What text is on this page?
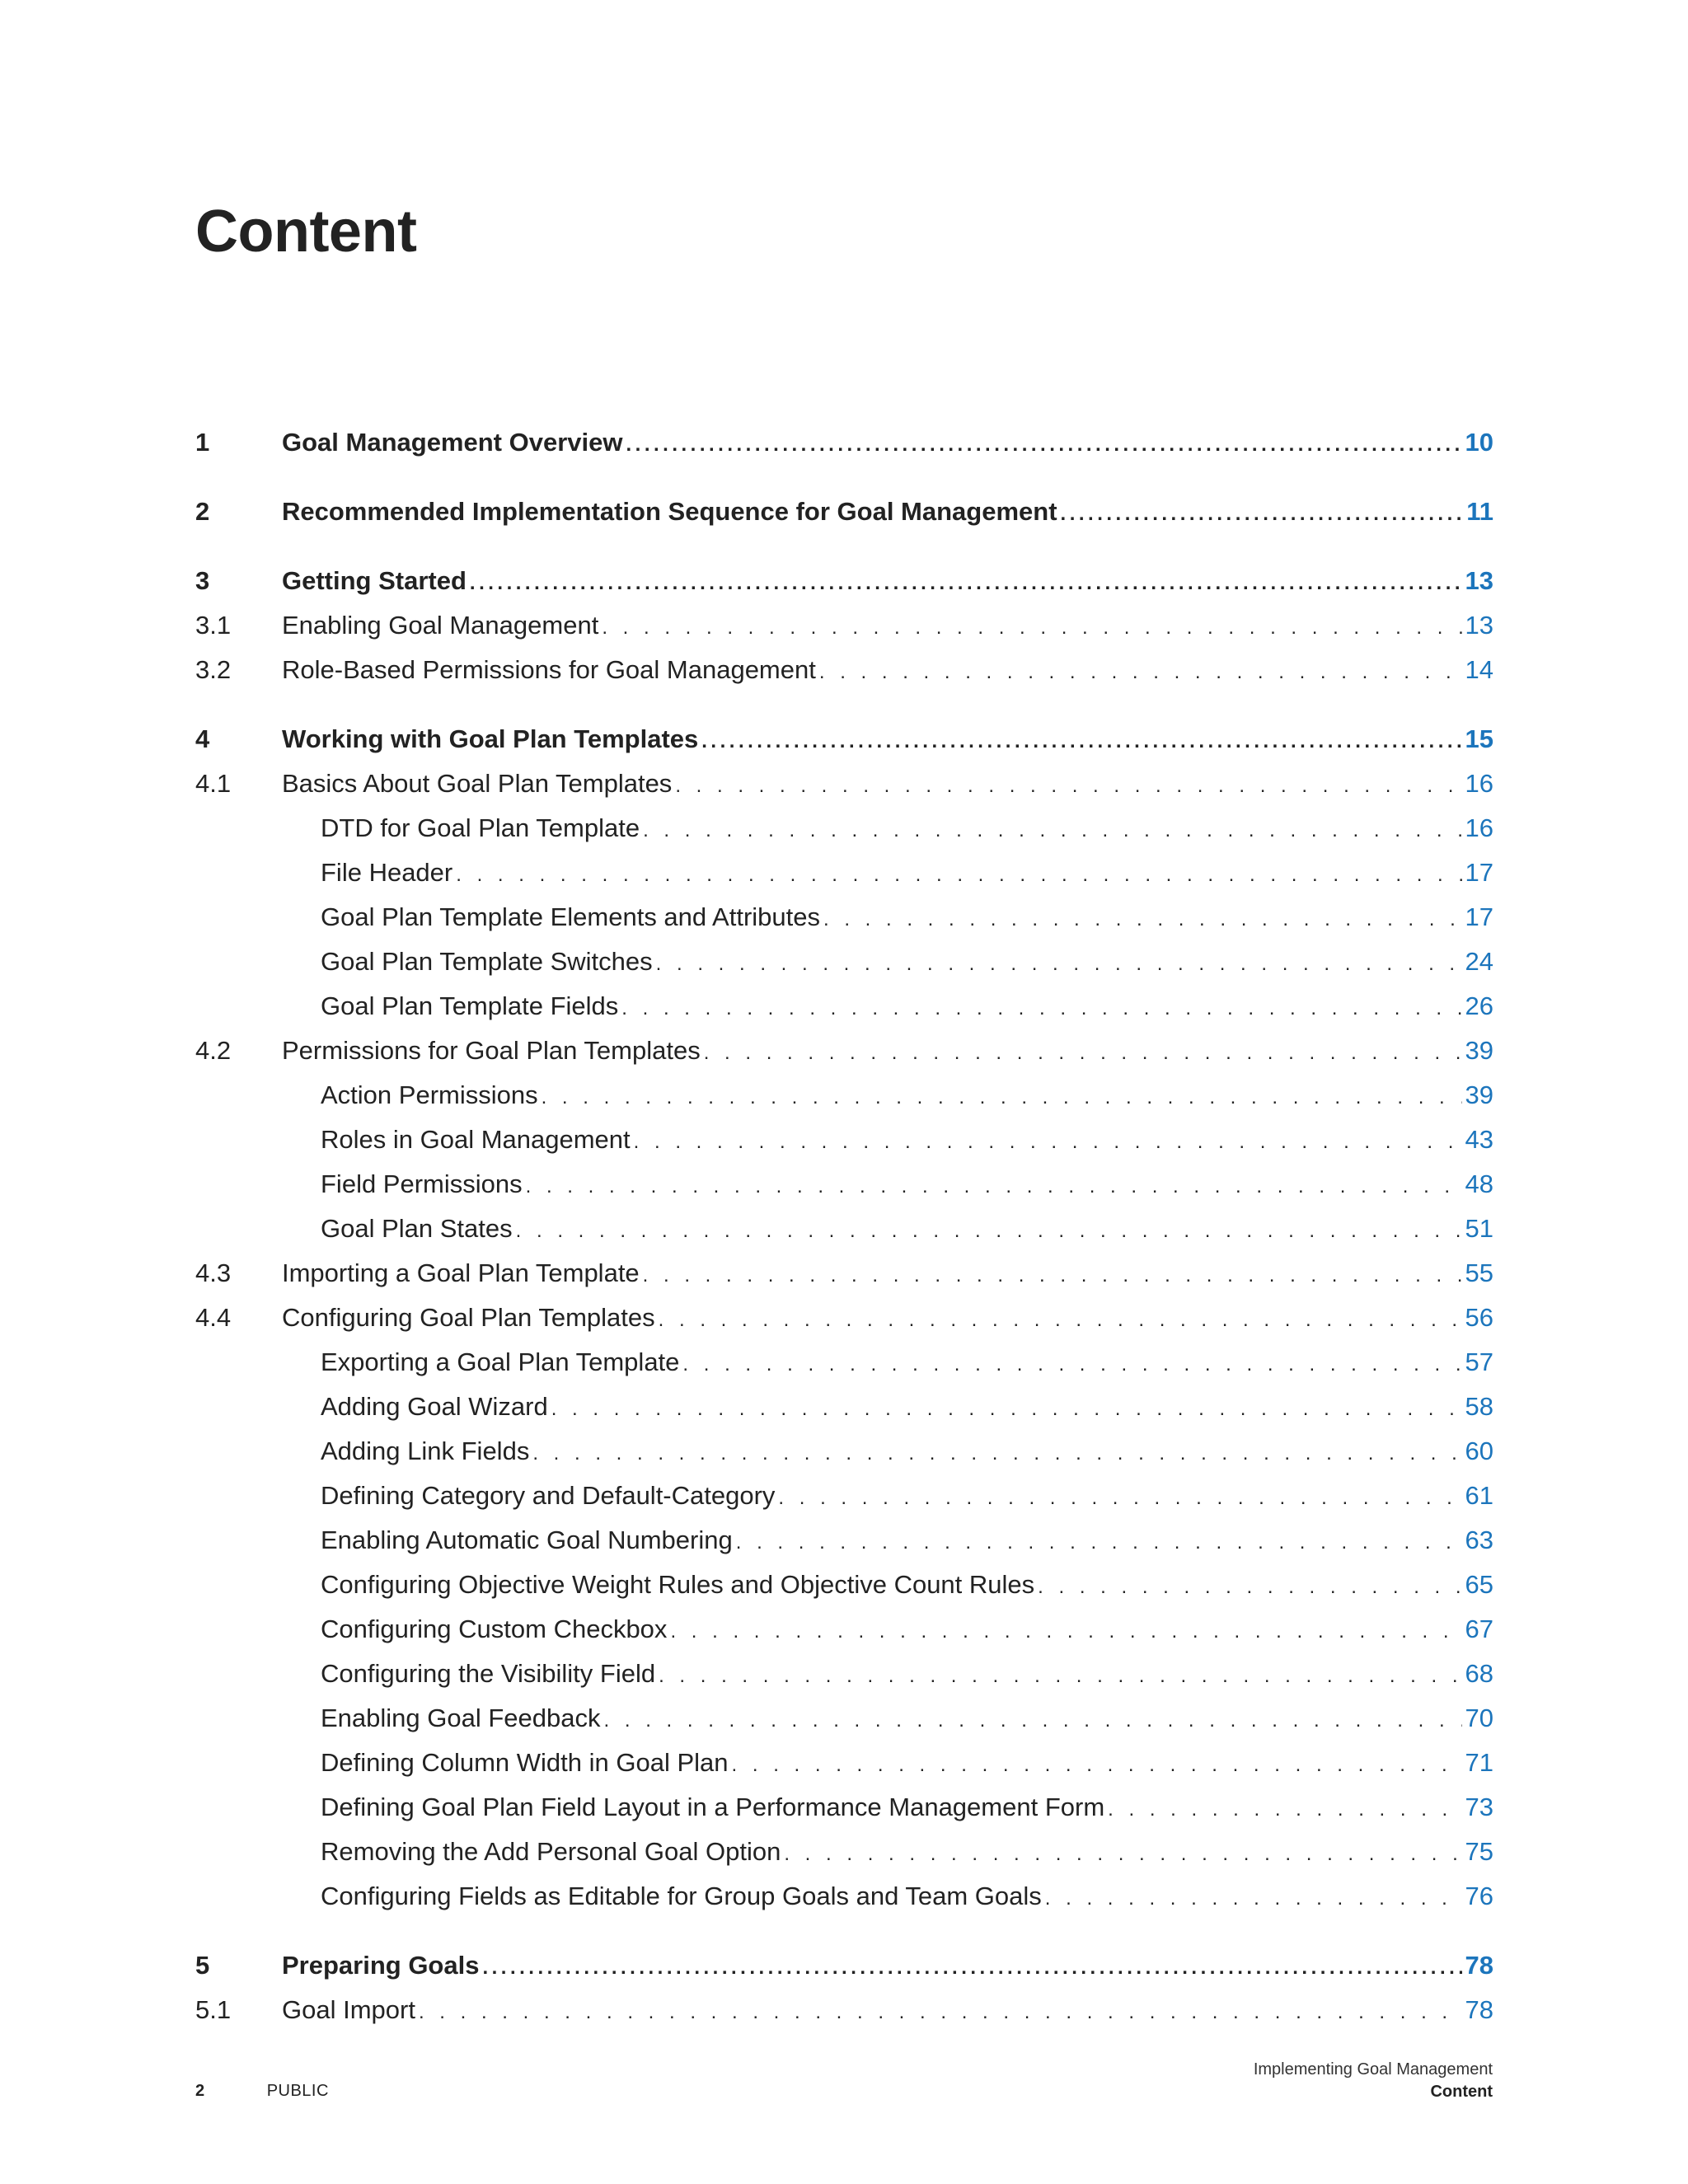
Content
1	Goal Management Overview .....	10
2	Recommended Implementation Sequence for Goal Management .....	11
3	Getting Started .....	13
3.1	Enabling Goal Management . . .	13
3.2	Role-Based Permissions for Goal Management . . .	14
4	Working with Goal Plan Templates .....	15
4.1	Basics About Goal Plan Templates . . .	16
DTD for Goal Plan Template . . .	16
File Header . . .	17
Goal Plan Template Elements and Attributes . . .	17
Goal Plan Template Switches . . .	24
Goal Plan Template Fields . . .	26
4.2	Permissions for Goal Plan Templates . . .	39
Action Permissions . . .	39
Roles in Goal Management . . .	43
Field Permissions . . .	48
Goal Plan States . . .	51
4.3	Importing a Goal Plan Template . . .	55
4.4	Configuring Goal Plan Templates . . .	56
Exporting a Goal Plan Template . . .	57
Adding Goal Wizard . . .	58
Adding Link Fields . . .	60
Defining Category and Default-Category . . .	61
Enabling Automatic Goal Numbering . . .	63
Configuring Objective Weight Rules and Objective Count Rules . . .	65
Configuring Custom Checkbox . . .	67
Configuring the Visibility Field . . .	68
Enabling Goal Feedback . . .	70
Defining Column Width in Goal Plan . . .	71
Defining Goal Plan Field Layout in a Performance Management Form . . .	73
Removing the Add Personal Goal Option . . .	75
Configuring Fields as Editable for Group Goals and Team Goals . . .	76
5	Preparing Goals .....	78
5.1	Goal Import . . .	78
2	PUBLIC
Implementing Goal Management
Content
